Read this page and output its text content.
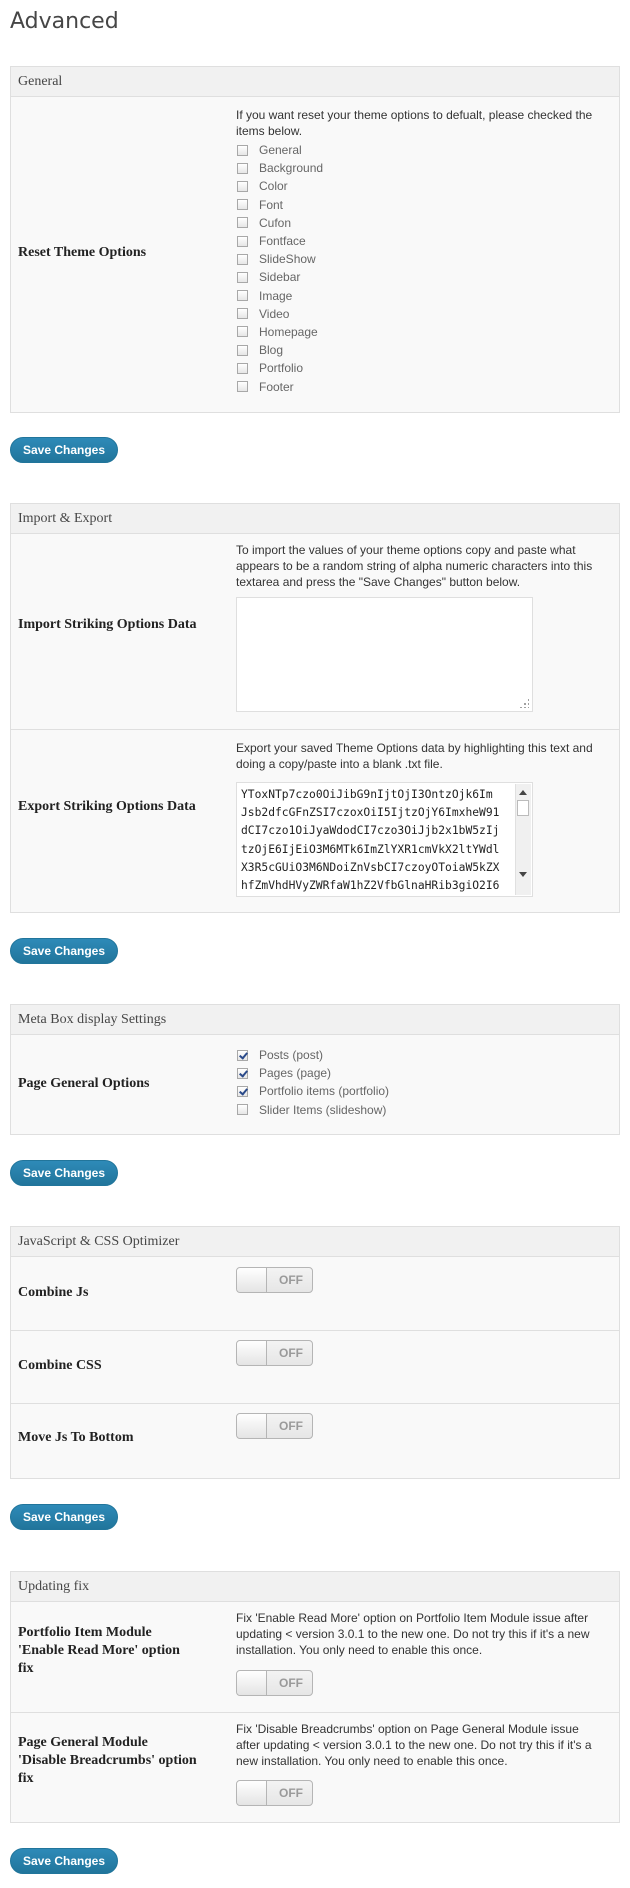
Advanced
General
Reset Theme Options

If you want reset your theme options to defualt, please checked the items below.

General
Background
Color
Font
Cufon
Fontface
SlideShow
Sidebar
Image
Video
Homepage
Blog
Portfolio
Footer
Save Changes
Import & Export
Import Striking Options Data

To import the values of your theme options copy and paste what appears to be a random string of alpha numeric characters into this textarea and press the "Save Changes" button below.

Export Striking Options Data

Export your saved Theme Options data by highlighting this text and doing a copy/paste into a blank .txt file.

YToxNTp7czo0OiJibG9nIjtOjI3OntzOjk6Im
Jsb2dfcGFnZSI7czoxOiI5IjtzOjY6ImxheW91
dCI7czo1OiJyaWdodCI7czo3OiJjb2x1bW5zIj
tzOjE6IjEiO3M6MTk6ImZlYXR1cmVkX2ltYWdl
X3R5cGUiO3M6NDoiZnVsbCI7czoyOToiaW5kZX
hfZmVhdHVyZWRfaW1hZ2VfbGlnaHRib3giO2I6
Save Changes
Meta Box display Settings
Page General Options
Posts (post)
Pages (page)
Portfolio items (portfolio)
Slider Items (slideshow)
Save Changes
JavaScript & CSS Optimizer
Combine Js
OFF
Combine CSS
OFF
Move Js To Bottom
OFF
Save Changes
Updating fix
Portfolio Item Module 'Enable Read More' option fix

Fix 'Enable Read More' option on Portfolio Item Module issue after updating < version 3.0.1 to the new one. Do not try this if it's a new installation. You only need to enable this once.

OFF
Page General Module 'Disable Breadcrumbs' option fix

Fix 'Disable Breadcrumbs' option on Page General Module issue after updating < version 3.0.1 to the new one. Do not try this if it's a new installation. You only need to enable this once.

OFF
Save Changes
